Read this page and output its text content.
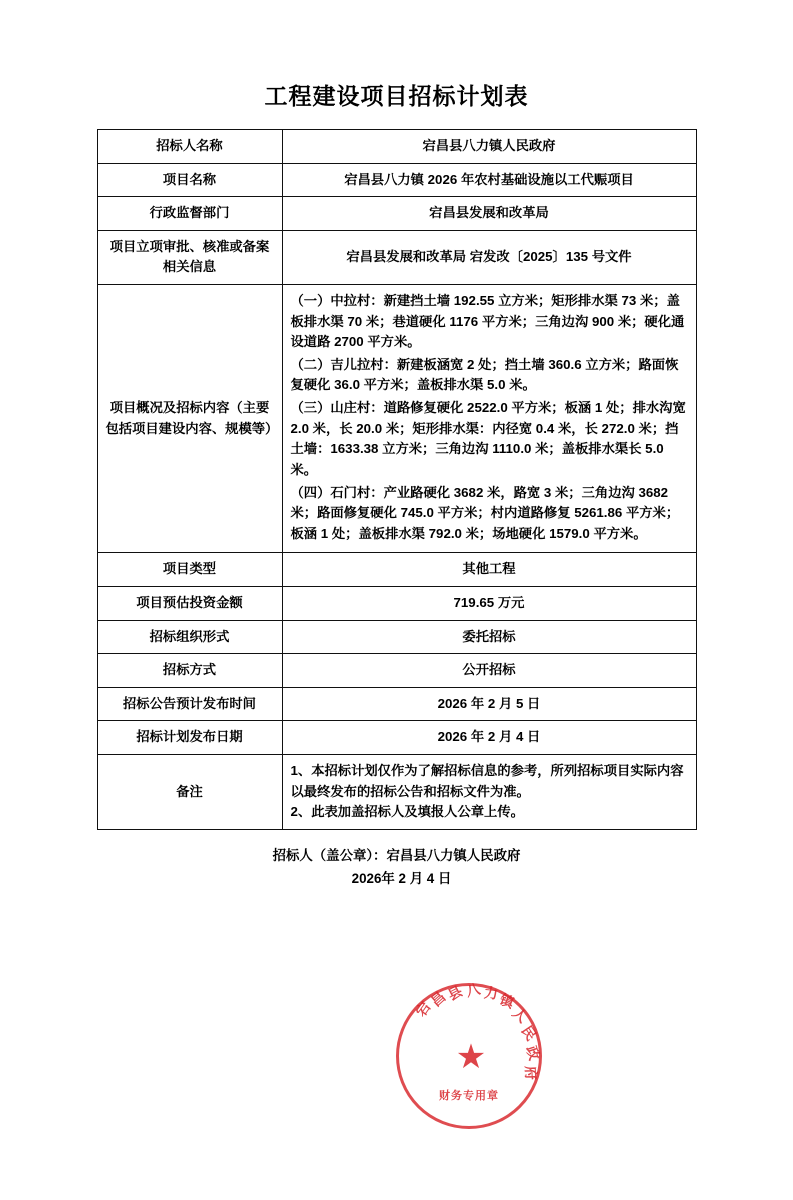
工程建设项目招标计划表
招标人名称	宕昌县八力镇人民政府
项目名称	宕昌县八力镇 2026 年农村基础设施以工代赈项目
行政监督部门	宕昌县发展和改革局
项目立项审批、核准或备案相关信息	宕昌县发展和改革局 宕发改〔2025〕135 号文件
项目概况及招标内容（主要包括项目建设内容、规模等）	（一）中拉村：新建挡土墙 192.55 立方米；矩形排水渠 73 米；盖板排水渠 70 米；巷道硬化 1176 平方米；三角边沟 900 米；硬化通设道路 2700 平方米。

（二）吉儿拉村：新建板涵宽 2 处；挡土墙 360.6 立方米；路面恢复硬化 36.0 平方米；盖板排水渠 5.0 米。

（三）山庄村：道路修复硬化 2522.0 平方米；板涵 1 处；排水沟宽 2.0 米，长 20.0 米；矩形排水渠：内径宽 0.4 米，长 272.0 米；挡土墙：1633.38 立方米；三角边沟 1110.0 米；盖板排水渠长 5.0 米。

（四）石门村：产业路硬化 3682 米，路宽 3 米；三角边沟 3682 米；路面修复硬化 745.0 平方米；村内道路修复 5261.86 平方米；板涵 1 处；盖板排水渠 792.0 米；场地硬化 1579.0 平方米。

项目类型	其他工程
项目预估投资金额	719.65 万元
招标组织形式	委托招标
招标方式	公开招标
招标公告预计发布时间	2026 年 2 月 5 日
招标计划发布日期	2026 年 2 月 4 日
备注	1、本招标计划仅作为了解招标信息的参考，所列招标项目实际内容以最终发布的招标公告和招标文件为准。

2、此表加盖招标人及填报人公章上传。

招标人（盖公章）：宕昌县八力镇人民政府
2026年 2 月 4 日
★
宕
昌
县 八 力
镇
人
民
政
府
财务专用章
